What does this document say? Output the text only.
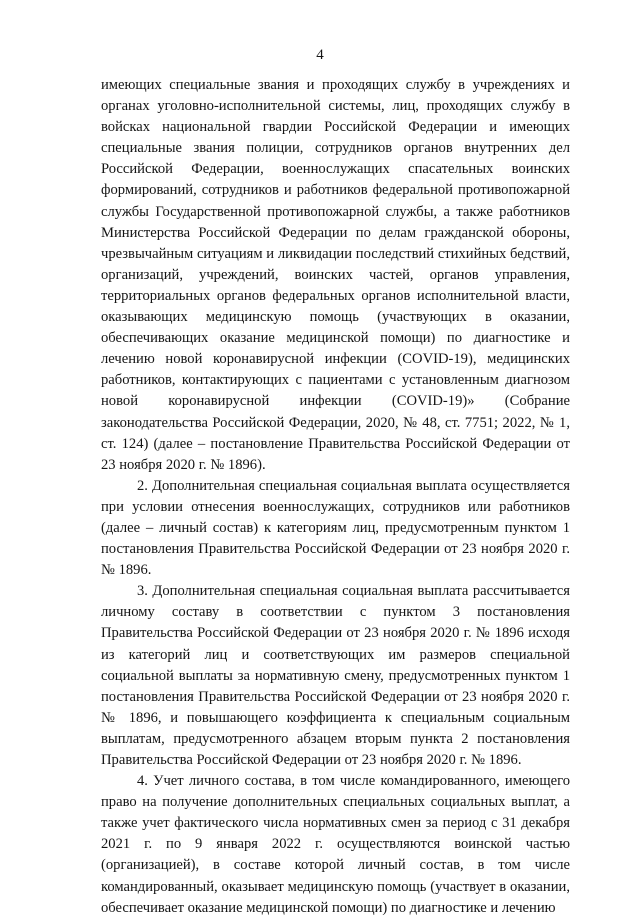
4

имеющих специальные звания и проходящих службу в учреждениях и органах уголовно-исполнительной системы, лиц, проходящих службу в войсках национальной гвардии Российской Федерации и имеющих специальные звания полиции, сотрудников органов внутренних дел Российской Федерации, военнослужащих спасательных воинских формирований, сотрудников и работников федеральной противопожарной службы Государственной противопожарной службы, а также работников Министерства Российской Федерации по делам гражданской обороны, чрезвычайным ситуациям и ликвидации последствий стихийных бедствий, организаций, учреждений, воинских частей, органов управления, территориальных органов федеральных органов исполнительной власти, оказывающих медицинскую помощь (участвующих в оказании, обеспечивающих оказание медицинской помощи) по диагностике и лечению новой коронавирусной инфекции (COVID-19), медицинских работников, контактирующих с пациентами с установленным диагнозом новой коронавирусной инфекции (COVID-19)» (Собрание законодательства Российской Федерации, 2020, № 48, ст. 7751; 2022, № 1, ст. 124) (далее – постановление Правительства Российской Федерации от 23 ноября 2020 г. № 1896).

2. Дополнительная специальная социальная выплата осуществляется при условии отнесения военнослужащих, сотрудников или работников (далее – личный состав) к категориям лиц, предусмотренным пунктом 1 постановления Правительства Российской Федерации от 23 ноября 2020 г. № 1896.

3. Дополнительная специальная социальная выплата рассчитывается личному составу в соответствии с пунктом 3 постановления Правительства Российской Федерации от 23 ноября 2020 г. № 1896 исходя из категорий лиц и соответствующих им размеров специальной социальной выплаты за нормативную смену, предусмотренных пунктом 1 постановления Правительства Российской Федерации от 23 ноября 2020 г. № 1896, и повышающего коэффициента к специальным социальным выплатам, предусмотренного абзацем вторым пункта 2 постановления Правительства Российской Федерации от 23 ноября 2020 г. № 1896.

4. Учет личного состава, в том числе командированного, имеющего право на получение дополнительных специальных социальных выплат, а также учет фактического числа нормативных смен за период с 31 декабря 2021 г. по 9 января 2022 г. осуществляются воинской частью (организацией), в составе которой личный состав, в том числе командированный, оказывает медицинскую помощь (участвует в оказании, обеспечивает оказание медицинской помощи) по диагностике и лечению
